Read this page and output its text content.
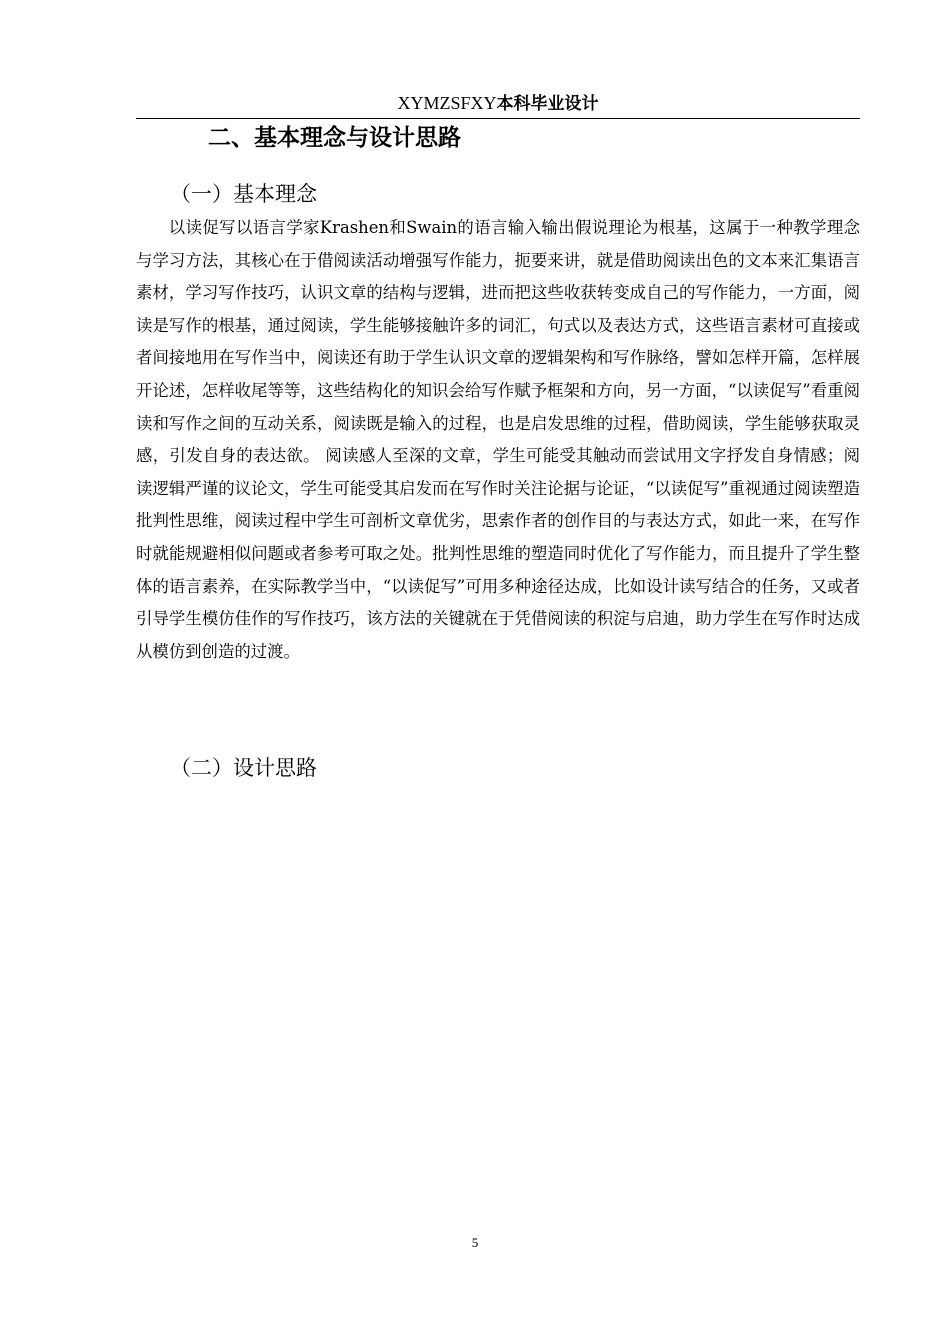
XYMZSFXY本科毕业设计
二、基本理念与设计思路
（一）基本理念

以读促写以语言学家Krashen和Swain的语言输入输出假说理论为根基，这属于一种教学理念与学习方法，其核心在于借阅读活动增强写作能力，扼要来讲，就是借助阅读出色的文本来汇集语言素材，学习写作技巧，认识文章的结构与逻辑，进而把这些收获转变成自己的写作能力，一方面，阅读是写作的根基，通过阅读，学生能够接触许多的词汇，句式以及表达方式，这些语言素材可直接或者间接地用在写作当中，阅读还有助于学生认识文章的逻辑架构和写作脉络，譬如怎样开篇，怎样展开论述，怎样收尾等等，这些结构化的知识会给写作赋予框架和方向，另一方面，“以读促写”看重阅读和写作之间的互动关系，阅读既是输入的过程，也是启发思维的过程，借助阅读，学生能够获取灵感，引发自身的表达欲。 阅读感人至深的文章，学生可能受其触动而尝试用文字抒发自身情感；阅读逻辑严谨的议论文，学生可能受其启发而在写作时关注论据与论证，“以读促写”重视通过阅读塑造批判性思维，阅读过程中学生可剖析文章优劣，思索作者的创作目的与表达方式，如此一来，在写作时就能规避相似问题或者参考可取之处。批判性思维的塑造同时优化了写作能力，而且提升了学生整体的语言素养，在实际教学当中，“以读促写”可用多种途径达成，比如设计读写结合的任务，又或者引导学生模仿佳作的写作技巧，该方法的关键就在于凭借阅读的积淀与启迪，助力学生在写作时达成从模仿到创造的过渡。

（二）设计思路
5
